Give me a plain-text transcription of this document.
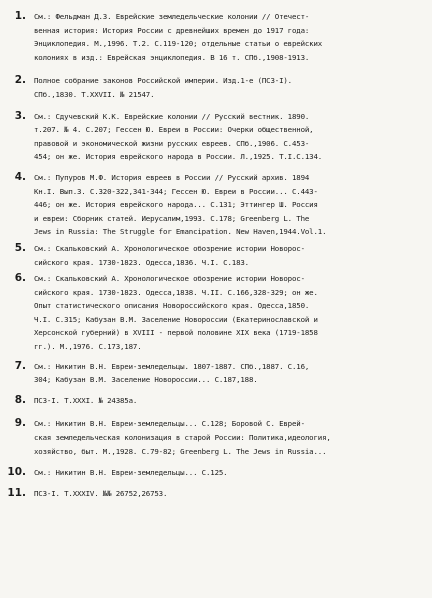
1.	См.: Фельдман Д.З. Еврейские земледельческие колонии // Отечест-
венная история: История России с древнейших времен до 1917 года:
Энциклопедия. М.,1996. Т.2. С.119-120; отдельные статьи о еврейских
колониях в изд.: Еврейская энциклопедия. В 16 т. СПб.,1908-1913.
2.	Полное собрание законов Российской империи. Изд.1-е (ПСЗ-I).
СПб.,1830. Т.XXVII. № 21547.
3.	См.: Сдучевский К.К. Еврейские колонии // Русский вестник. 1890.
т.207. № 4. С.207; Гессен Ю. Евреи в России: Очерки общественной,
правовой и экономической жизни русских евреев. СПб.,1906. С.453-
454; он же. История еврейского народа в России. Л.,1925. Т.I.С.134.
4.	См.: Пупуров М.Ф. История евреев в России // Русский архив. 1894
Кн.I. Вып.3. С.320-322,341-344; Гессен Ю. Евреи в России... С.443-
446; он же. История еврейского народа... С.131; Эттингер Ш. Россия
и евреи: Сборник статей. Иерусалим,1993. С.178; Greenberg L. The
Jews in Russia: The Struggle for Emancipation. New Haven,1944.Vol.1.
5.	См.: Скальковский А. Хронологическое обозрение истории Новорос-
сийского края. 1730-1823. Одесса,1836. Ч.I. С.183.
6.	См.: Скальковский А. Хронологическое обозрение истории Новорос-
сийского края. 1730-1823. Одесса,1838. Ч.II. С.166,328-329; он же.
Опыт статистического описания Новороссийского края. Одесса,1850.
Ч.I. С.315; Кабузан В.М. Заселение Новороссии (Екатеринославской и
Херсонской губерний) в XVIII - первой половине XIX века (1719-1858
гг.). М.,1976. С.173,187.
7.	См.: Никитин В.Н. Евреи-земледельцы. 1807-1887. СПб.,1887. С.16,
304; Кабузан В.М. Заселение Новороссии... С.187,188.
8.	ПСЗ-I. Т.XXXI. № 24385а.
9.	См.: Никитин В.Н. Евреи-земледельцы... С.128; Боровой С. Еврей-
ская земледельческая колонизация в старой России: Политика,идеология,
хозяйство, быт. М.,1928. С.79-82; Greenberg L. The Jews in Russia...
10.	См.: Никитин В.Н. Евреи-земледельцы... С.125.
11.	ПСЗ-I. Т.XXXIV. №№ 26752,26753.
